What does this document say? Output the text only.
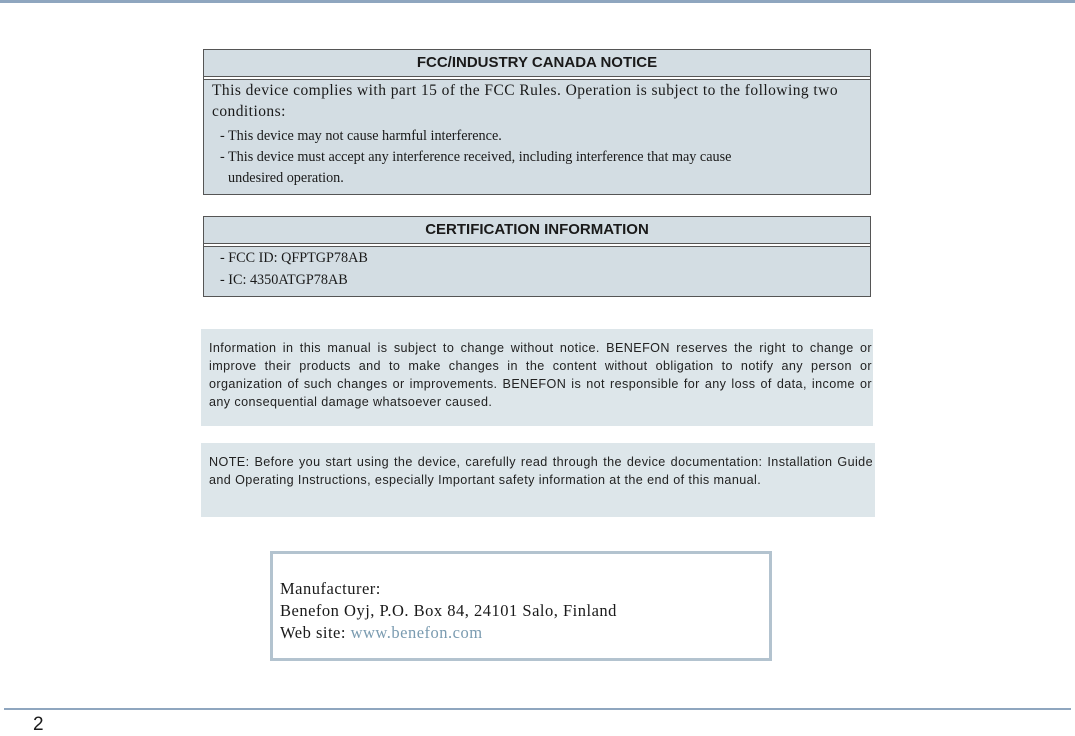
FCC/INDUSTRY CANADA NOTICE
This device complies with part 15 of the FCC Rules. Operation is subject to the following two conditions:
- This device may not cause harmful interference.
- This device must accept any interference received, including interference that may cause
undesired operation.
CERTIFICATION INFORMATION
- FCC ID: QFPTGP78AB
- IC: 4350ATGP78AB
Information in this manual is subject to change without notice. BENEFON reserves the right to change or improve their products and to make changes in the content without obligation to notify any person or organization of such changes or improvements. BENEFON is not responsible for any loss of data, income or any consequential damage whatsoever caused.
NOTE: Before you start using the device, carefully read through the device documentation: Installation Guide and Operating Instructions, especially Important safety information at the end of this manual.
Manufacturer:
Benefon Oyj, P.O. Box 84, 24101 Salo, Finland
Web site: www.benefon.com
2
